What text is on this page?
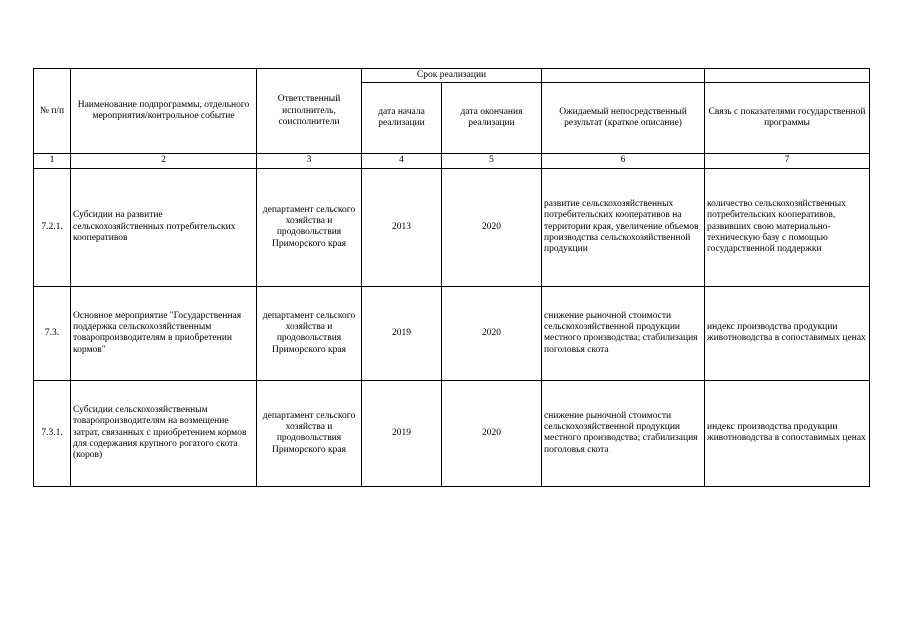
№ п/п	Наименование подпрограммы, отдельного мероприятия/контрольное событие	Ответственный исполнитель, соисполнители	Срок реализации			
			дата начала реализации	дата окончания реализации	Ожидаемый непосредственный результат (краткое описание)	Связь с показателями государственной программы
1	2	3	4	5	6	7
7.2.1.	Субсидии на развитие сельскохозяйственных потребительских кооперативов	департамент сельского хозяйства и продовольствия Приморского края	2013	2020	развитие сельскохозяйственных потребительских кооперативов на территории края, увеличение объемов производства сельскохозяйственной продукции	количество сельскохозяйственных потребительских кооперативов, развивших свою материально-техническую базу с помощью государственной поддержки
7.3.	Основное мероприятие "Государственная поддержка сельскохозяйственным товаропроизводителям в приобретении кормов"	департамент сельского хозяйства и продовольствия Приморского края	2019	2020	снижение рыночной стоимости сельскохозяйственной продукции местного производства; стабилизация поголовья скота	индекс производства продукции животноводства в сопоставимых ценах
7.3.1.	Субсидии сельскохозяйственным товаропроизводителям на возмещение затрат, связанных с приобретением кормов для содержания крупного рогатого скота (коров)	департамент сельского хозяйства и продовольствия Приморского края	2019	2020	снижение рыночной стоимости сельскохозяйственной продукции местного производства; стабилизация поголовья скота	индекс производства продукции животноводства в сопоставимых ценах
